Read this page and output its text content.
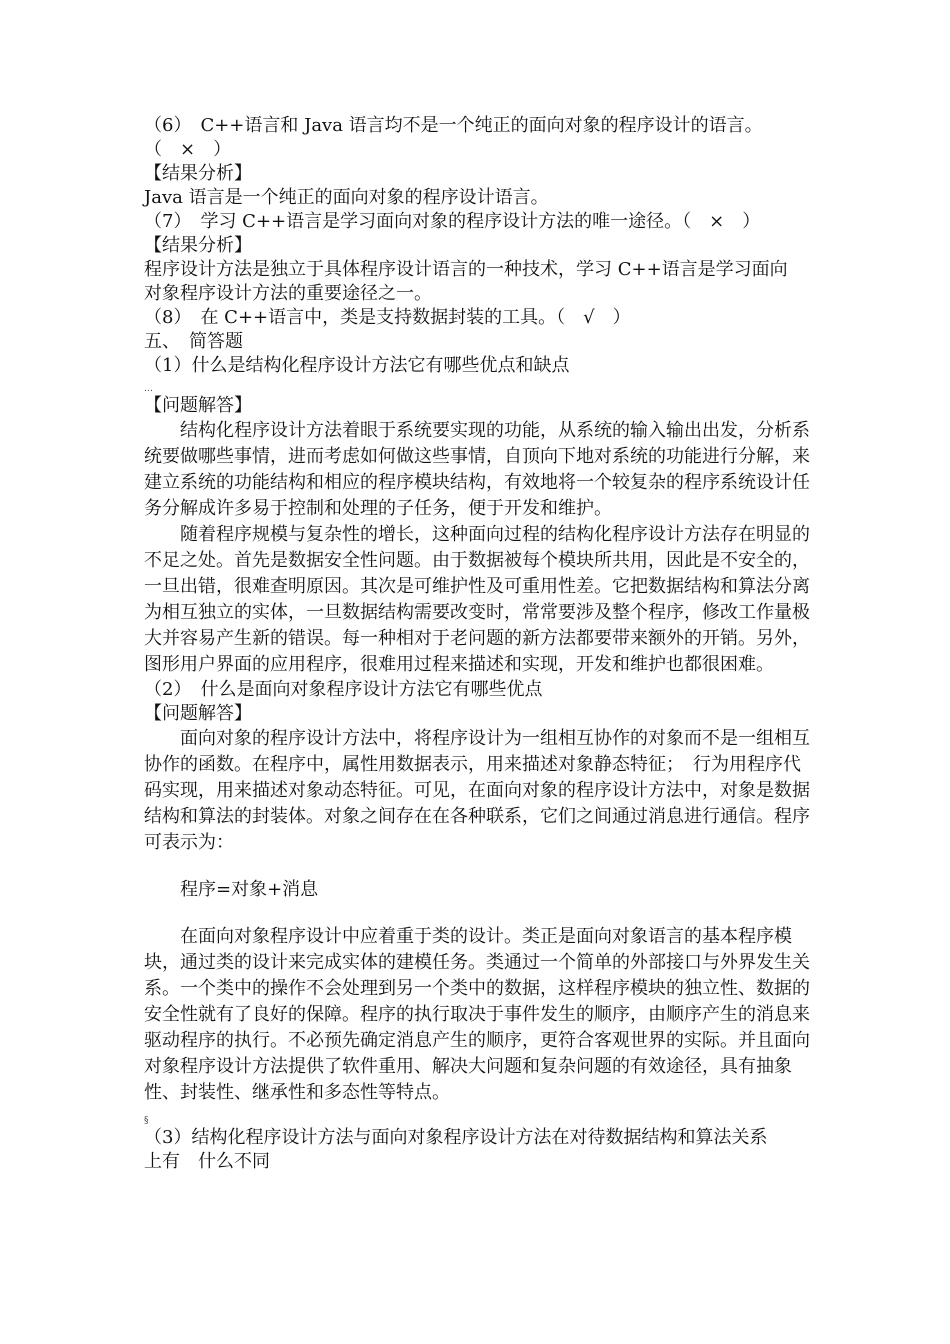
（6）　C++语言和 Java 语言均不是一个纯正的面向对象的程序设计的语言。

（　×　）

【结果分析】

Java 语言是一个纯正的面向对象的程序设计语言。

（7）　学习 C++语言是学习面向对象的程序设计方法的唯一途径。（　×　）

【结果分析】

程序设计方法是独立于具体程序设计语言的一种技术，学习 C++语言是学习面向

对象程序设计方法的重要途径之一。

（8）　在 C++语言中，类是支持数据封装的工具。（　√　）

五、　简答题

（1）什么是结构化程序设计方法它有哪些优点和缺点

…

【问题解答】

结构化程序设计方法着眼于系统要实现的功能，从系统的输入输出出发，分析系统要做哪些事情，进而考虑如何做这些事情，自顶向下地对系统的功能进行分解，来建立系统的功能结构和相应的程序模块结构，有效地将一个较复杂的程序系统设计任务分解成许多易于控制和处理的子任务，便于开发和维护。

随着程序规模与复杂性的增长，这种面向过程的结构化程序设计方法存在明显的不足之处。首先是数据安全性问题。由于数据被每个模块所共用，因此是不安全的，一旦出错，很难查明原因。其次是可维护性及可重用性差。它把数据结构和算法分离为相互独立的实体，一旦数据结构需要改变时，常常要涉及整个程序，修改工作量极大并容易产生新的错误。每一种相对于老问题的新方法都要带来额外的开销。另外，图形用户界面的应用程序，很难用过程来描述和实现，开发和维护也都很困难。

（2）　什么是面向对象程序设计方法它有哪些优点

【问题解答】

面向对象的程序设计方法中，将程序设计为一组相互协作的对象而不是一组相互协作的函数。在程序中，属性用数据表示，用来描述对象静态特征；　行为用程序代码实现，用来描述对象动态特征。可见，在面向对象的程序设计方法中，对象是数据结构和算法的封装体。对象之间存在在各种联系，它们之间通过消息进行通信。程序可表示为：

程序=对象+消息

在面向对象程序设计中应着重于类的设计。类正是面向对象语言的基本程序模块，通过类的设计来完成实体的建模任务。类通过一个简单的外部接口与外界发生关系。一个类中的操作不会处理到另一个类中的数据，这样程序模块的独立性、数据的安全性就有了良好的保障。程序的执行取决于事件发生的顺序，由顺序产生的消息来驱动程序的执行。不必预先确定消息产生的顺序，更符合客观世界的实际。并且面向对象程序设计方法提供了软件重用、解决大问题和复杂问题的有效途径，具有抽象性、封装性、继承性和多态性等特点。

§

（3）结构化程序设计方法与面向对象程序设计方法在对待数据结构和算法关系

上有　什么不同
